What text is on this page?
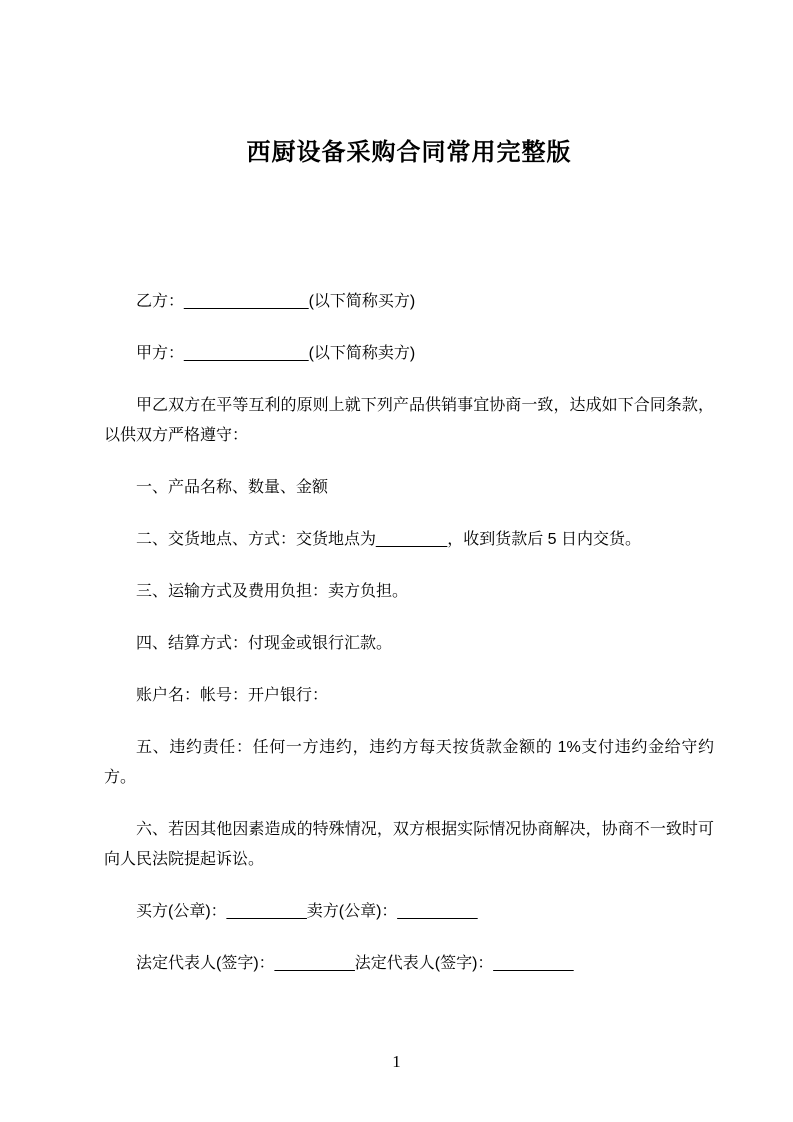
西厨设备采购合同常用完整版

乙方：______________(以下简称买方)

甲方：______________(以下简称卖方)

甲乙双方在平等互利的原则上就下列产品供销事宜协商一致，达成如下合同条款，以供双方严格遵守：

一、产品名称、数量、金额

二、交货地点、方式：交货地点为________，收到货款后 5 日内交货。

三、运输方式及费用负担：卖方负担。

四、结算方式：付现金或银行汇款。

账户名：帐号：开户银行：

五、违约责任：任何一方违约，违约方每天按货款金额的 1%支付违约金给守约方。

六、若因其他因素造成的特殊情况，双方根据实际情况协商解决，协商不一致时可向人民法院提起诉讼。

买方(公章)：_________卖方(公章)：_________

法定代表人(签字)：_________法定代表人(签字)：_________

1
